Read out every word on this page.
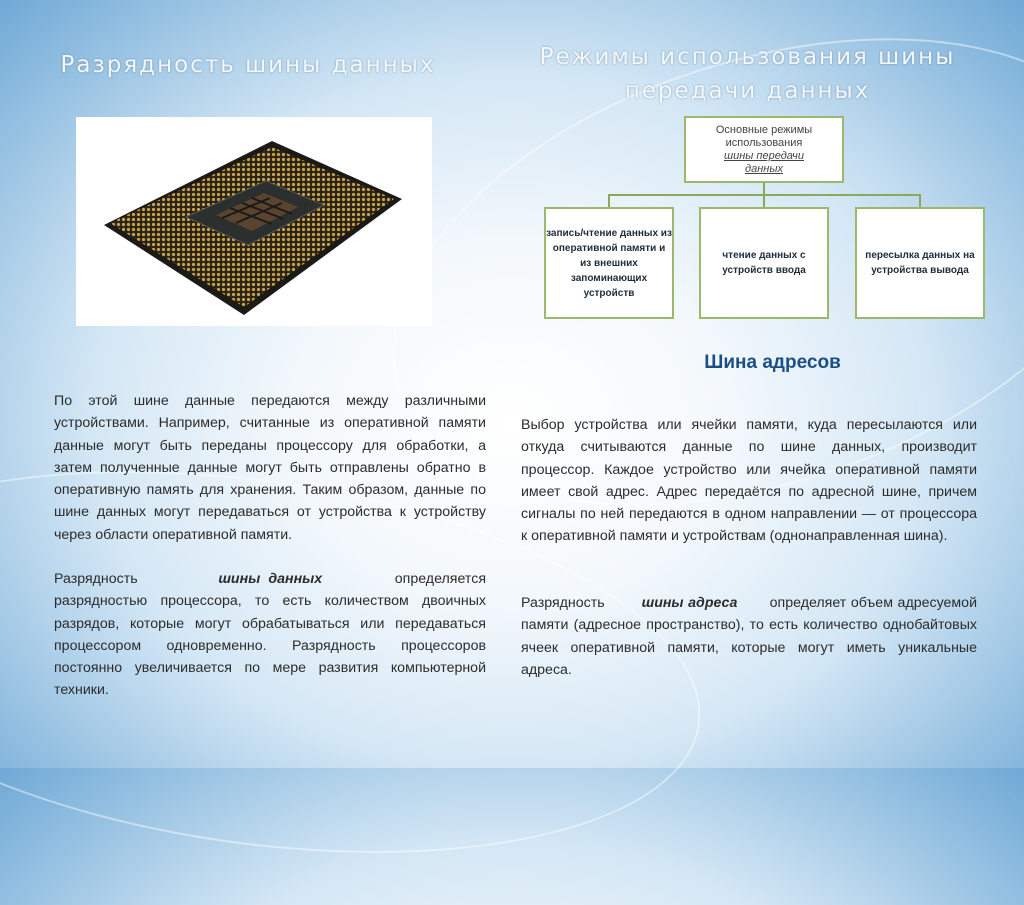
Разрядность шины данных	Режимы использования шины
передачи данных
Основные режимы
использования
шины передачи
данных
запись/чтение данных из оперативной памяти и из внешних запоминающих устройств
чтение данных с устройств ввода
пересылка данных на устройства вывода
Шина адресов
По этой шине данные передаются между различными устройствами. Например, считанные из оперативной памяти данные могут быть переданы процессору для обработки, а затем полученные данные могут быть отправлены обратно в оперативную память для хранения. Таким образом, данные по шине данных могут передаваться от устройства к устройству через области оперативной памяти.
Разрядность	шины данных	определяется разрядностью процессора, то есть количеством двоичных разрядов, которые могут обрабатываться или передаваться процессором одновременно. Разрядность процессоров постоянно увеличивается по мере развития компьютерной техники.
Выбор устройства или ячейки памяти, куда пересылаются или откуда считываются данные по шине данных, производит процессор. Каждое устройство или ячейка оперативной памяти имеет свой адрес. Адрес передаётся по адресной шине, причем сигналы по ней передаются в одном направлении — от процессора к оперативной памяти и устройствам (однонаправленная шина).
Разрядность	шины адреса определяет объем адресуемой памяти (адресное пространство), то есть количество однобайтовых ячеек оперативной памяти, которые могут иметь уникальные адреса.
